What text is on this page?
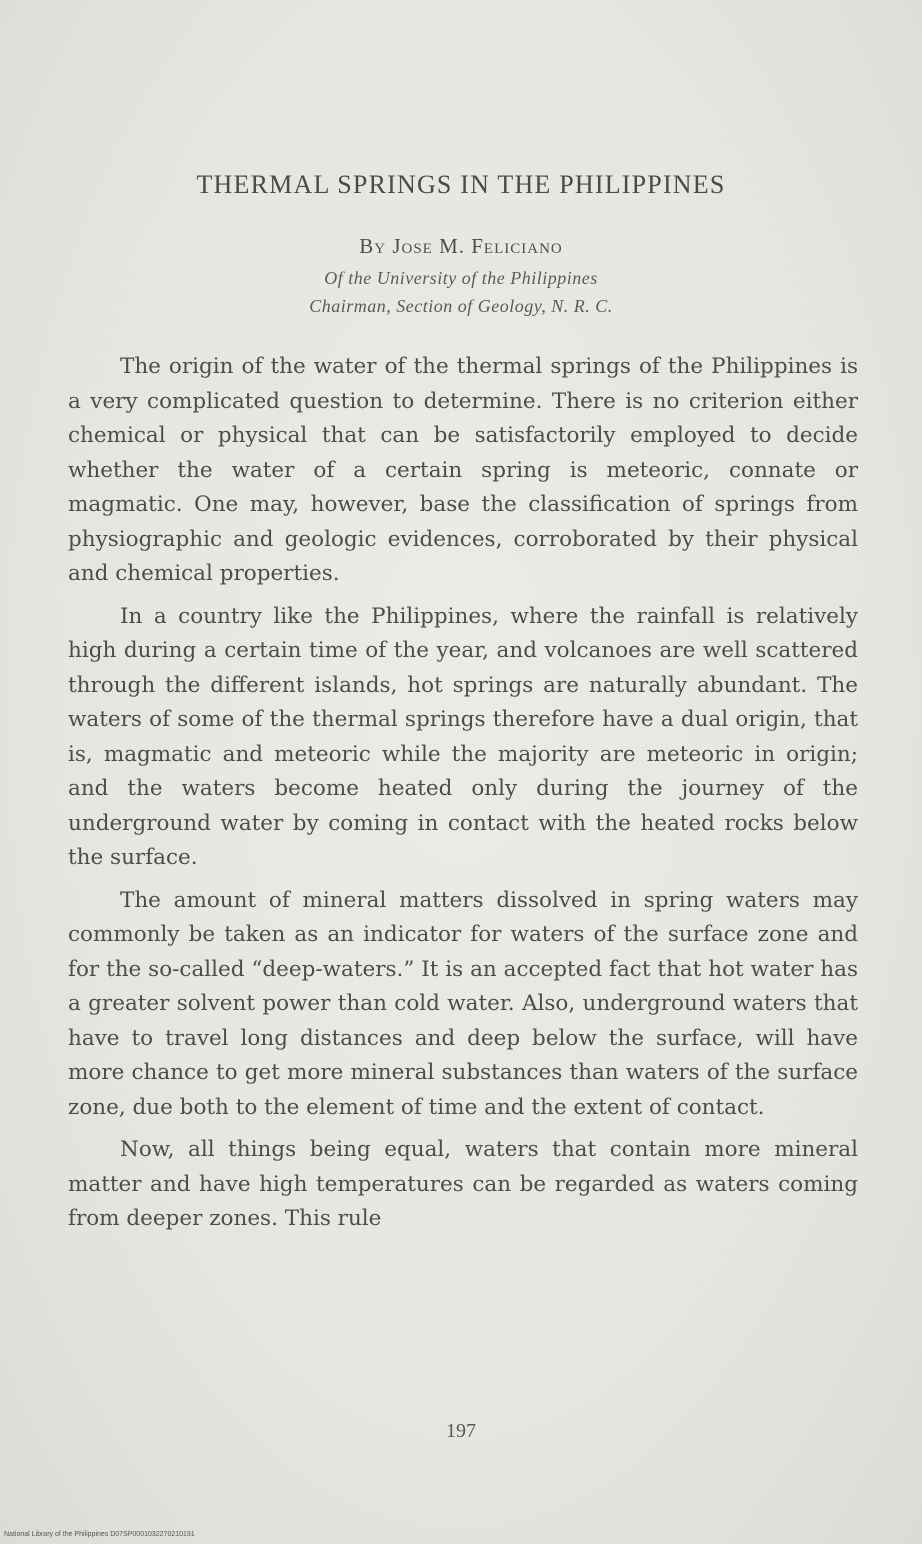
THERMAL SPRINGS IN THE PHILIPPINES
By Jose M. Feliciano
Of the University of the Philippines
Chairman, Section of Geology, N. R. C.

The origin of the water of the thermal springs of the Philippines is a very complicated question to determine. There is no criterion either chemical or physical that can be satisfactorily employed to decide whether the water of a certain spring is meteoric, connate or magmatic. One may, however, base the classification of springs from physiographic and geologic evidences, corroborated by their physical and chemical properties.

In a country like the Philippines, where the rainfall is relatively high during a certain time of the year, and volcanoes are well scattered through the different islands, hot springs are naturally abundant. The waters of some of the thermal springs therefore have a dual origin, that is, magmatic and meteoric while the majority are meteoric in origin; and the waters become heated only during the journey of the underground water by coming in contact with the heated rocks below the surface.

The amount of mineral matters dissolved in spring waters may commonly be taken as an indicator for waters of the surface zone and for the so-called “deep-waters.” It is an accepted fact that hot water has a greater solvent power than cold water. Also, underground waters that have to travel long distances and deep below the surface, will have more chance to get more mineral substances than waters of the surface zone, due both to the element of time and the extent of contact.

Now, all things being equal, waters that contain more mineral matter and have high temperatures can be regarded as waters coming from deeper zones. This rule

197
National Library of the Philippines D07SP0001032270210191
